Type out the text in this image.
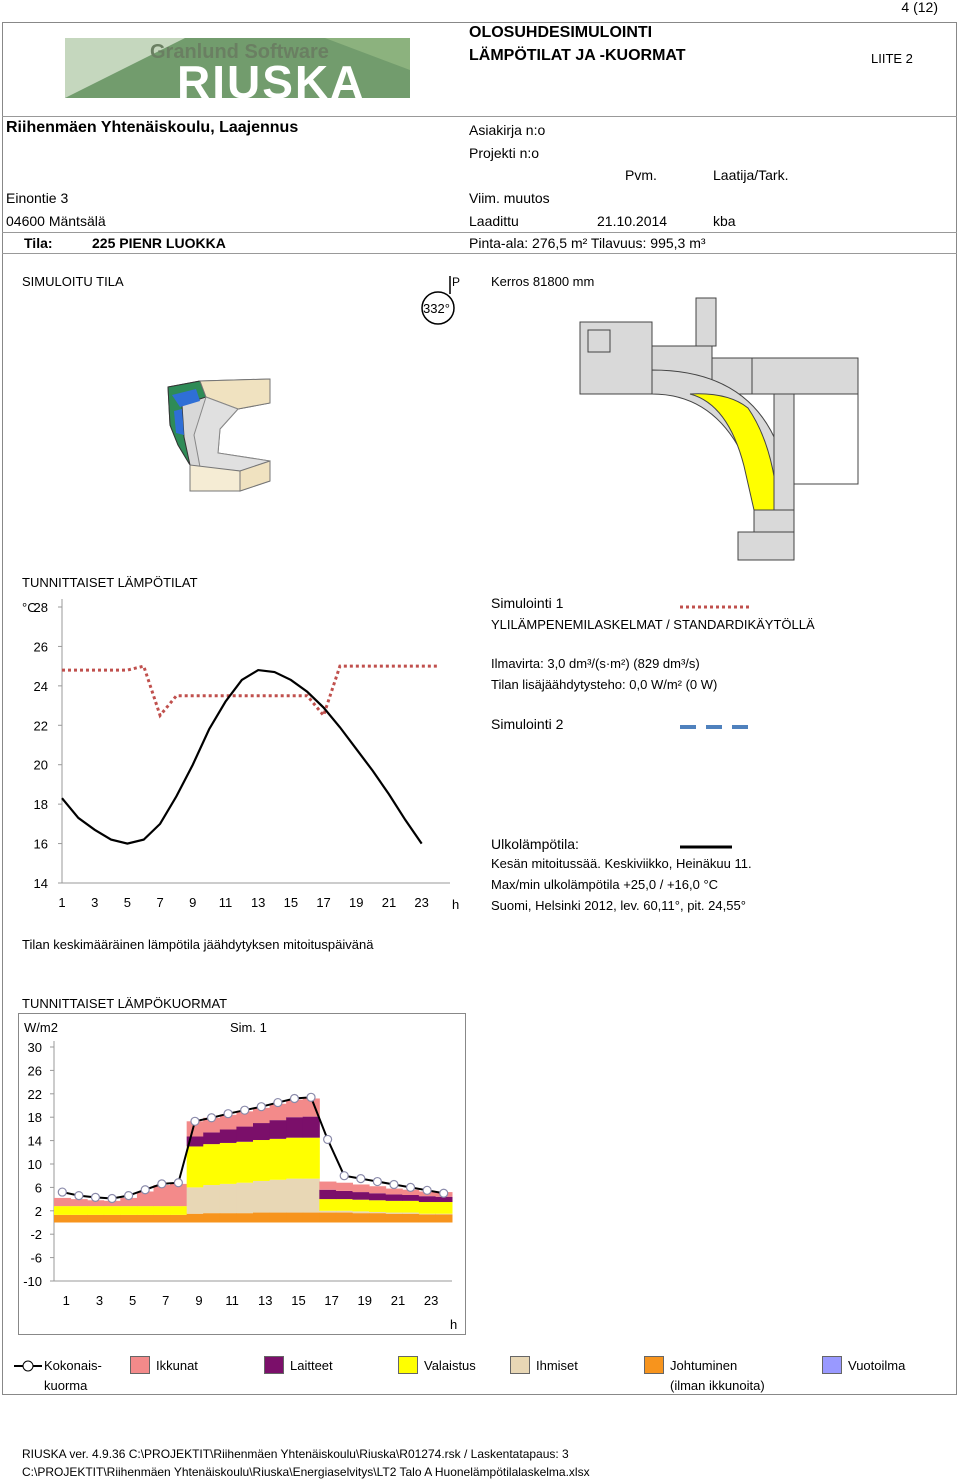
4 (12)
Granlund Software
RIUSKA
OLOSUHDESIMULOINTI
LÄMPÖTILAT JA -KUORMAT	LIITE 2
Riihenmäen Yhtenäiskoulu, Laajennus
Einontie 3
04600 Mäntsälä
Tila:	225 PIENR LUOKKA
Asiakirja n:o
Projekti n:o
Pvm.	Laatija/Tark.
Viim. muutos
Laadittu	21.10.2014	kba
Pinta-ala: 276,5 m² Tilavuus: 995,3 m³
SIMULOITU TILA	Kerros 81800 mm
P
332°
TUNNITTAISET LÄMPÖTILAT
°C
28
26
24
22
20
18
16
14
1 3 5 7 9 11 13 15 17 19 21 23 h
Simulointi 1
YLILÄMPENEMILASKELMAT / STANDARDIKÄYTÖLLÄ
Ilmavirta: 3,0 dm³/(s·m²) (829 dm³/s)
Tilan lisäjäähdytysteho: 0,0 W/m² (0 W)
Simulointi 2
Ulkolämpötila:
Kesän mitoitussää. Keskiviikko, Heinäkuu 11.
Max/min ulkolämpötila +25,0 / +16,0 °C
Suomi, Helsinki 2012, lev. 60,11°, pit. 24,55°
Tilan keskimääräinen lämpötila jäähdytyksen mitoituspäivänä
TUNNITTAISET LÄMPÖKUORMAT
W/m2	Sim. 1
30
26
22
18
14
10
6
2
-2
-6
-10
1 3 5 7 9 11 13 15 17 19 21 23
h
Kokonais-
kuorma
Ikkunat	Laitteet	Valaistus	Ihmiset	Johtuminen
(ilman ikkunoita)
Vuotoilma
RIUSKA ver. 4.9.36 C:\PROJEKTIT\Riihenmäen Yhtenäiskoulu\Riuska\R01274.rsk / Laskentatapaus: 3
C:\PROJEKTIT\Riihenmäen Yhtenäiskoulu\Riuska\Energiaselvitys\LT2 Talo A Huonelämpötilalaskelma.xlsx
